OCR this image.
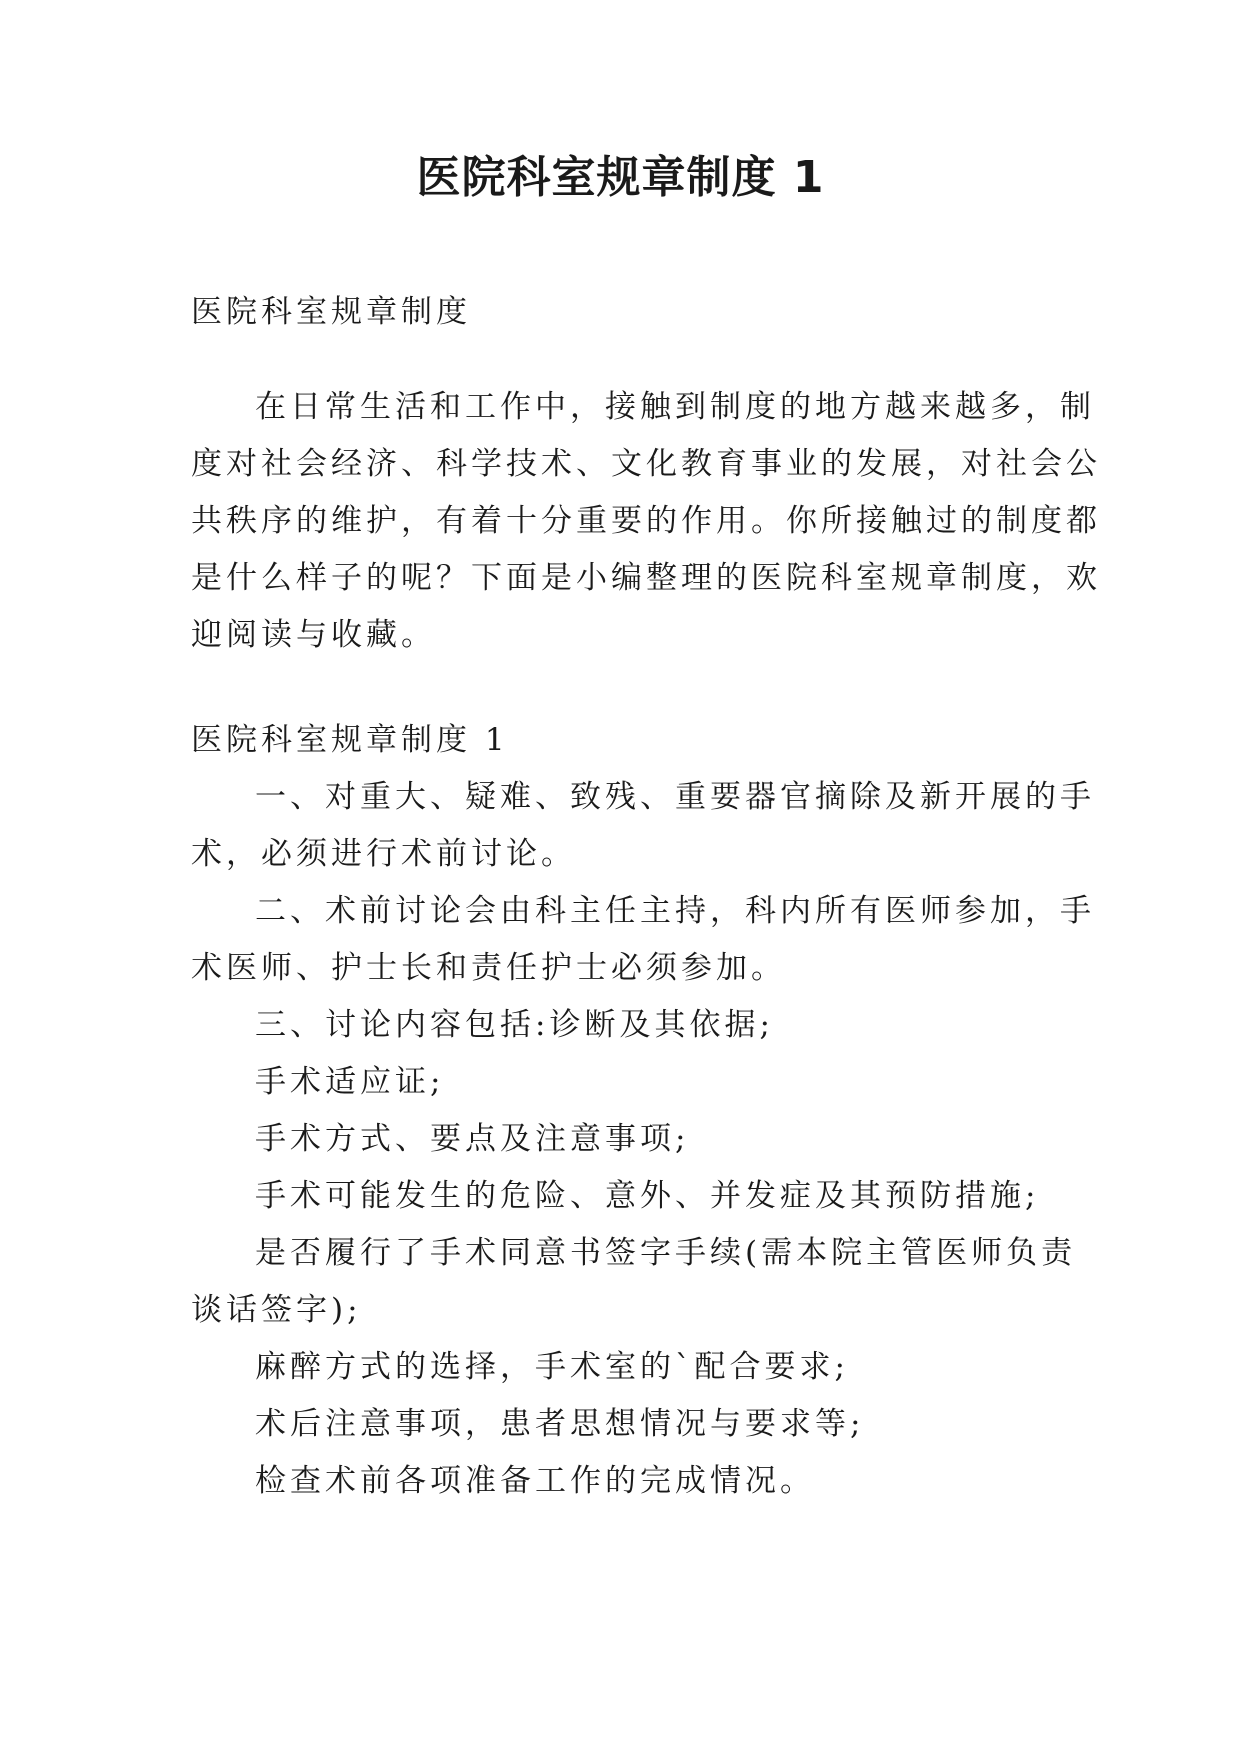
医院科室规章制度 1

医院科室规章制度

在日常生活和工作中，接触到制度的地方越来越多，制

度对社会经济、科学技术、文化教育事业的发展，对社会公

共秩序的维护，有着十分重要的作用。你所接触过的制度都

是什么样子的呢？下面是小编整理的医院科室规章制度，欢

迎阅读与收藏。

医院科室规章制度 1

一、对重大、疑难、致残、重要器官摘除及新开展的手

术，必须进行术前讨论。

二、术前讨论会由科主任主持，科内所有医师参加，手

术医师、护士长和责任护士必须参加。

三、讨论内容包括:诊断及其依据;

手术适应证;

手术方式、要点及注意事项;

手术可能发生的危险、意外、并发症及其预防措施;

是否履行了手术同意书签字手续(需本院主管医师负责

谈话签字);

麻醉方式的选择，手术室的`配合要求;

术后注意事项，患者思想情况与要求等;

检查术前各项准备工作的完成情况。
